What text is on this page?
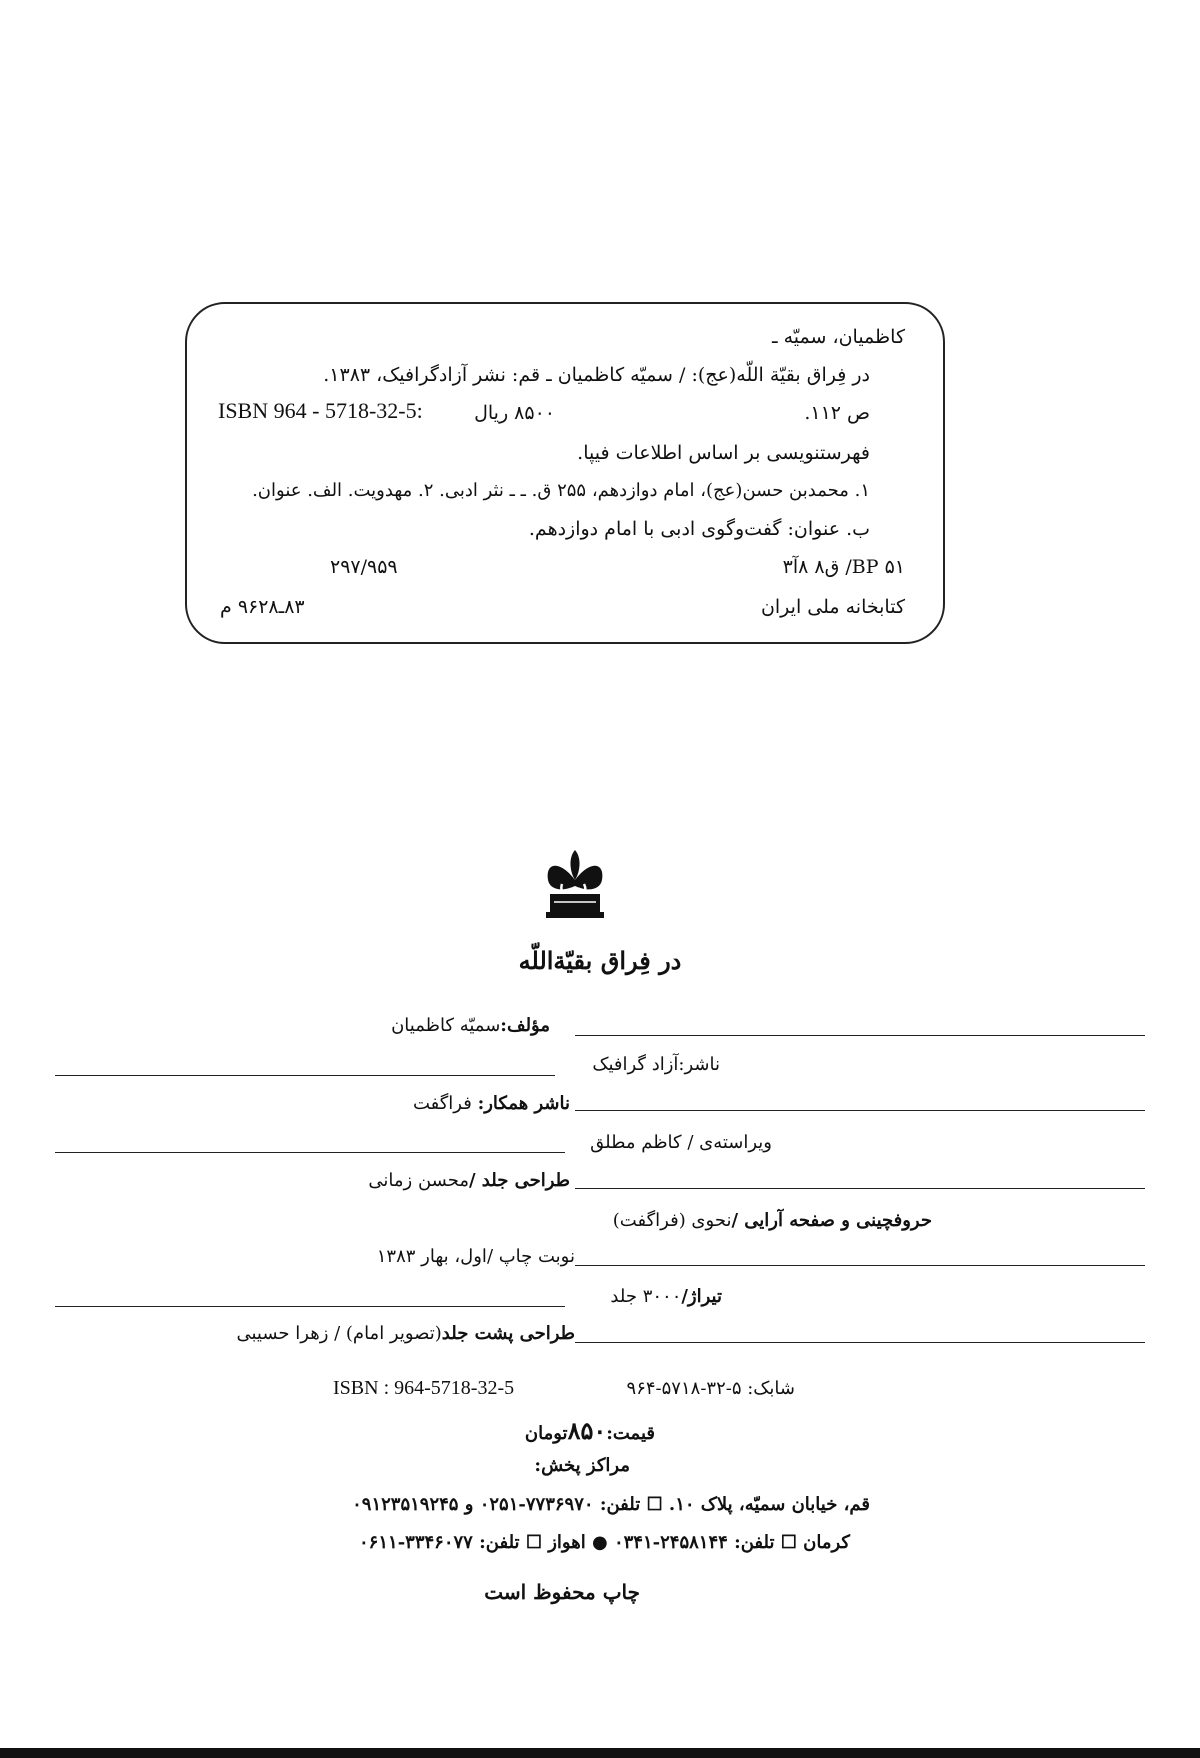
کاظمیان، سمیّه ـ
در فِراق بقیّة اللّه(عج): / سمیّه کاظمیان ـ قم: نشر آزادگرافیک، ۱۳۸۳.
ص ۱۱۲.
۸۵۰۰ ریال
ISBN 964 - 5718-32-5:
فهرستنویسی بر اساس اطلاعات فیپا.
۱. محمدبن حسن(عج)، امام دوازدهم، ۲۵۵ ق. ـ ـ نثر ادبی. ۲. مهدویت. الف. عنوان.
ب. عنوان: گفت‌وگوی ادبی با امام دوازدهم.
BP ۵۱/ ق۸ ۸آ۳
۲۹۷/۹۵۹
کتابخانه ملی ایران
۸۳ـ۹۶۲۸ م
در فِراق بقیّة‌اللّه
مؤلف:سمیّه کاظمیان
ناشر:آزاد گرافیک
ناشر همکار: فراگفت
ویراسته‌ی / کاظم مطلق
طراحی جلد /محسن زمانی
حروفچینی و صفحه آرایی /نحوی (فراگفت)
نوبت چاپ /اول، بهار ۱۳۸۳
تیراژ/۳۰۰۰ جلد
طراحی پشت جلد(تصویر امام) / زهرا حسیبی
شابک: ۵-۳۲-۵۷۱۸-۹۶۴
ISBN : 964-5718-32-5
قیمت:۸۵۰تومان
مراکز پخش:
قم، خیابان سمیّه، پلاک ۱۰. ☐ تلفن: ۷۷۳۶۹۷۰-۰۲۵۱ و ۰۹۱۲۳۵۱۹۲۴۵
کرمان ☐ تلفن: ۲۴۵۸۱۴۴-۰۳۴۱ ● اهواز ☐ تلفن: ۳۳۴۶۰۷۷-۰۶۱۱
چاپ محفوظ است
